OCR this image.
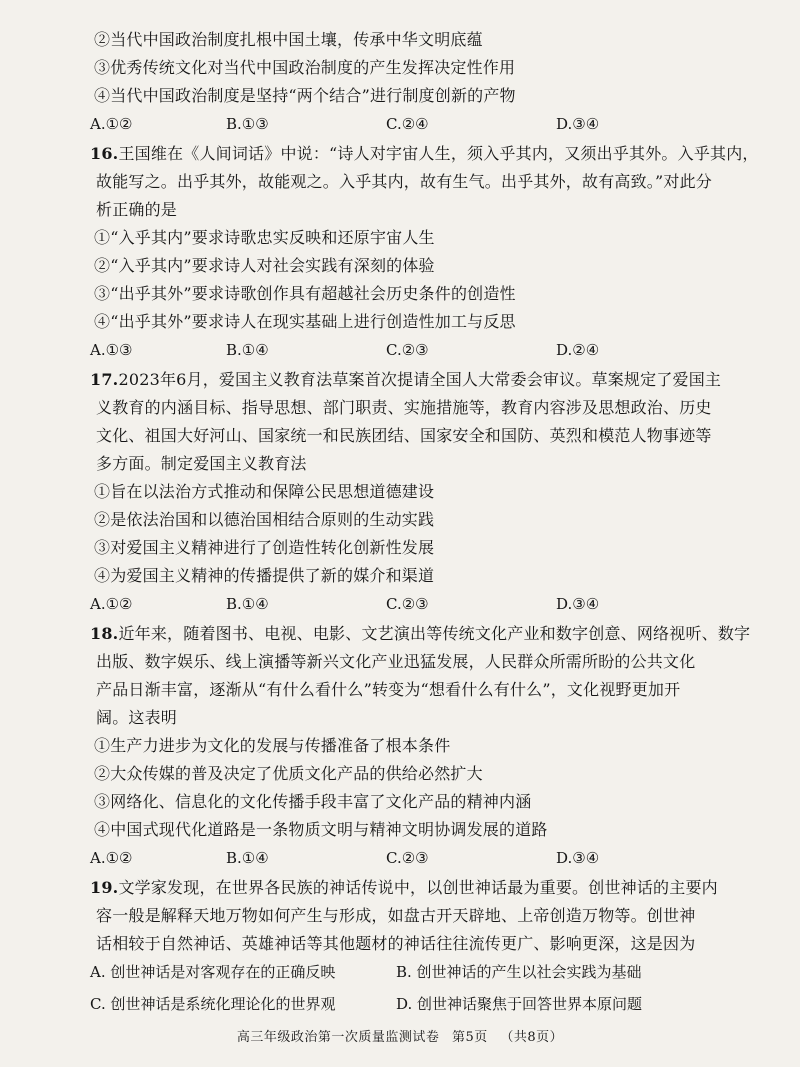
②当代中国政治制度扎根中国土壤，传承中华文明底蕴
③优秀传统文化对当代中国政治制度的产生发挥决定性作用
④当代中国政治制度是坚持“两个结合”进行制度创新的产物
A.①②	B.①③	C.②④	D.③④
16. 王国维在《人间词话》中说：“诗人对宇宙人生，须入乎其内，又须出乎其外。入乎其内，
故能写之。出乎其外，故能观之。入乎其内，故有生气。出乎其外，故有高致。”对此分
析正确的是
①“入乎其内”要求诗歌忠实反映和还原宇宙人生
②“入乎其内”要求诗人对社会实践有深刻的体验
③“出乎其外”要求诗歌创作具有超越社会历史条件的创造性
④“出乎其外”要求诗人在现实基础上进行创造性加工与反思
A.①③	B.①④	C.②③	D.②④
17. 2023年6月，爱国主义教育法草案首次提请全国人大常委会审议。草案规定了爱国主
义教育的内涵目标、指导思想、部门职责、实施措施等，教育内容涉及思想政治、历史
文化、祖国大好河山、国家统一和民族团结、国家安全和国防、英烈和模范人物事迹等
多方面。制定爱国主义教育法
①旨在以法治方式推动和保障公民思想道德建设
②是依法治国和以德治国相结合原则的生动实践
③对爱国主义精神进行了创造性转化创新性发展
④为爱国主义精神的传播提供了新的媒介和渠道
A.①②	B.①④	C.②③	D.③④
18. 近年来，随着图书、电视、电影、文艺演出等传统文化产业和数字创意、网络视听、数字
出版、数字娱乐、线上演播等新兴文化产业迅猛发展，人民群众所需所盼的公共文化
产品日渐丰富，逐渐从“有什么看什么”转变为“想看什么有什么”，文化视野更加开
阔。这表明
①生产力进步为文化的发展与传播准备了根本条件
②大众传媒的普及决定了优质文化产品的供给必然扩大
③网络化、信息化的文化传播手段丰富了文化产品的精神内涵
④中国式现代化道路是一条物质文明与精神文明协调发展的道路
A.①②	B.①④	C.②③	D.③④
19. 文学家发现，在世界各民族的神话传说中，以创世神话最为重要。创世神话的主要内
容一般是解释天地万物如何产生与形成，如盘古开天辟地、上帝创造万物等。创世神
话相较于自然神话、英雄神话等其他题材的神话往往流传更广、影响更深，这是因为
A. 创世神话是对客观存在的正确反映	B. 创世神话的产生以社会实践为基础
C. 创世神话是系统化理论化的世界观	D. 创世神话聚焦于回答世界本原问题
高三年级政治第一次质量监测试卷 第5页 （共8页）
